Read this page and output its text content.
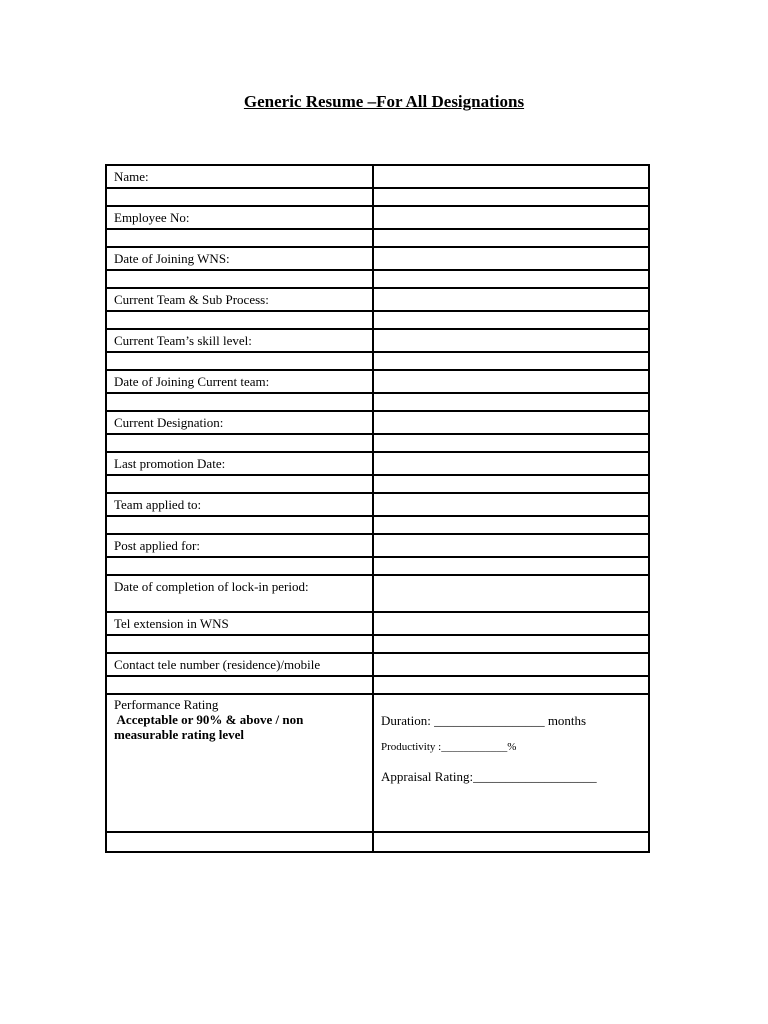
Generic Resume –For All Designations
Name:	

Employee No:	

Date of Joining WNS:	

Current Team & Sub Process:	

Current Team’s skill level:	

Date of Joining Current team:	

Current Designation:	

Last promotion Date:	

Team applied to:	

Post applied for:	

Date of completion of lock-in period:	
Tel extension in WNS	

Contact tele number (residence)/mobile	

Performance Rating
Acceptable or 90% & above / non
measurable rating level	Duration: _________________ months
Productivity :____________%
Appraisal Rating:___________________
